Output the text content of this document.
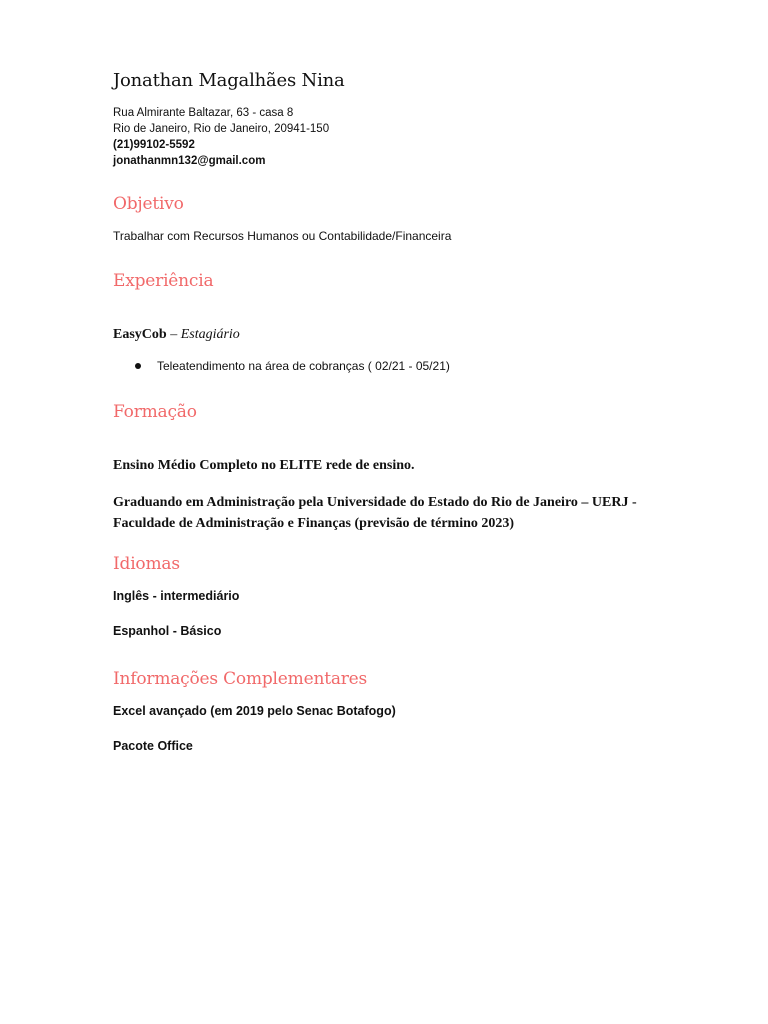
Jonathan Magalhães Nina
Rua Almirante Baltazar, 63 - casa 8
Rio de Janeiro, Rio de Janeiro, 20941-150
(21)99102-5592
jonathanmn132@gmail.com
Objetivo
Trabalhar com Recursos Humanos ou Contabilidade/Financeira
Experiência
EasyCob – Estagiário
Teleatendimento na área de cobranças ( 02/21 - 05/21)
Formação
Ensino Médio Completo no ELITE rede de ensino.
Graduando em Administração pela Universidade do Estado do Rio de Janeiro – UERJ - Faculdade de Administração e Finanças (previsão de término 2023)
Idiomas
Inglês - intermediário
Espanhol - Básico
Informações Complementares
Excel avançado (em 2019 pelo Senac Botafogo)
Pacote Office
